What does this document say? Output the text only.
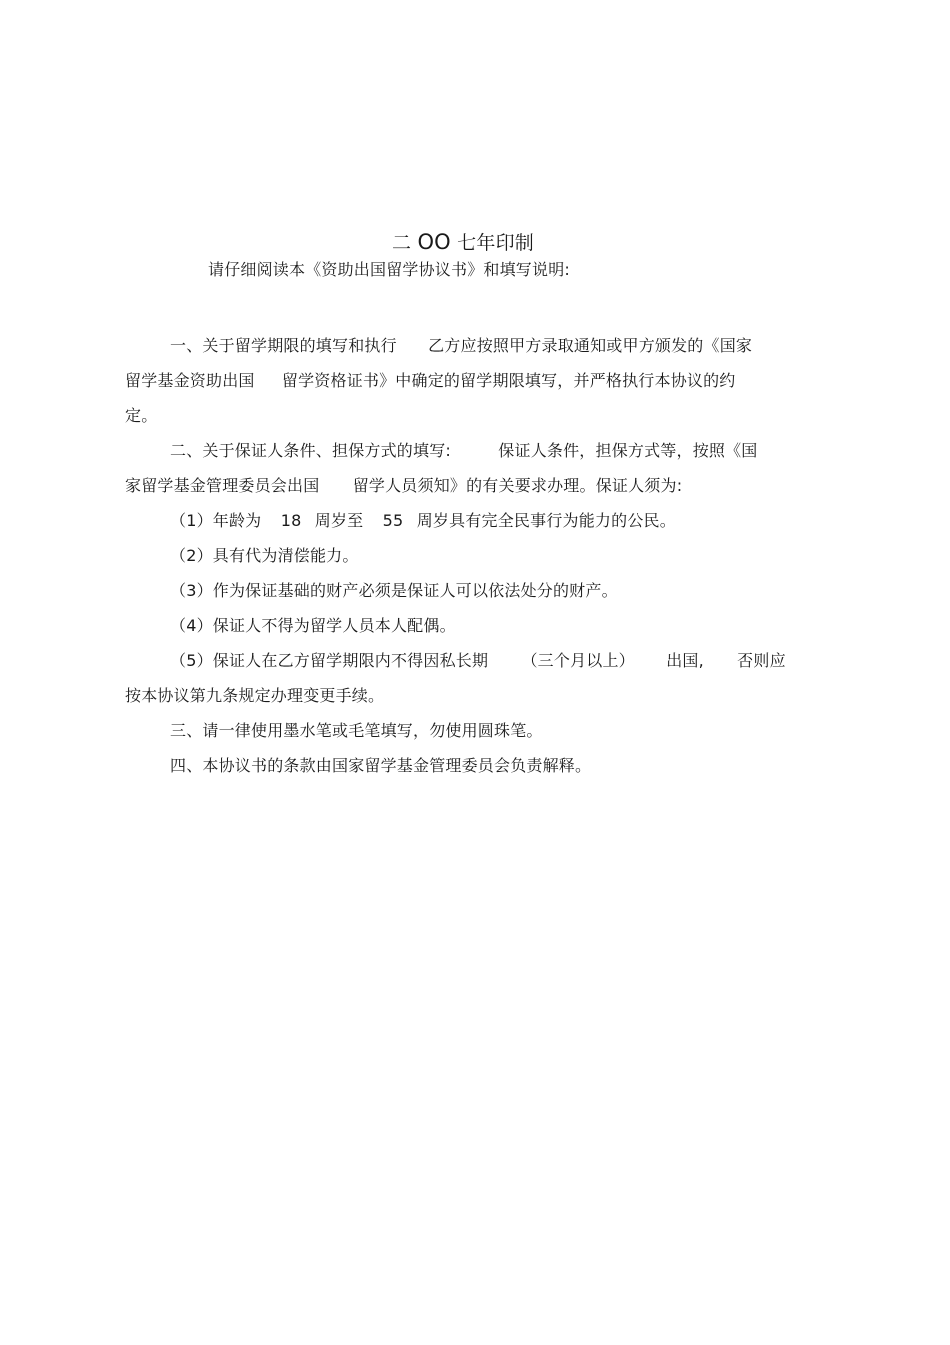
二 OO 七年印制
请仔细阅读本《资助出国留学协议书》和填写说明:
一、关于留学期限的填写和执行 乙方应按照甲方录取通知或甲方颁发的《国家
留学基金资助出国 留学资格证书》中确定的留学期限填写，并严格执行本协议的约
定。
二、关于保证人条件、担保方式的填写:	保证人条件，担保方式等，按照《国
家留学基金管理委员会出国 留学人员须知》的有关要求办理。保证人须为:
（1）年龄为 18 周岁至 55 周岁具有完全民事行为能力的公民。
（2）具有代为清偿能力。
（3）作为保证基础的财产必须是保证人可以依法处分的财产。
（4）保证人不得为留学人员本人配偶。
（5）保证人在乙方留学期限内不得因私长期 （三个月以上） 出国, 否则应
按本协议第九条规定办理变更手续。
三、请一律使用墨水笔或毛笔填写，勿使用圆珠笔。
四、本协议书的条款由国家留学基金管理委员会负责解释。
